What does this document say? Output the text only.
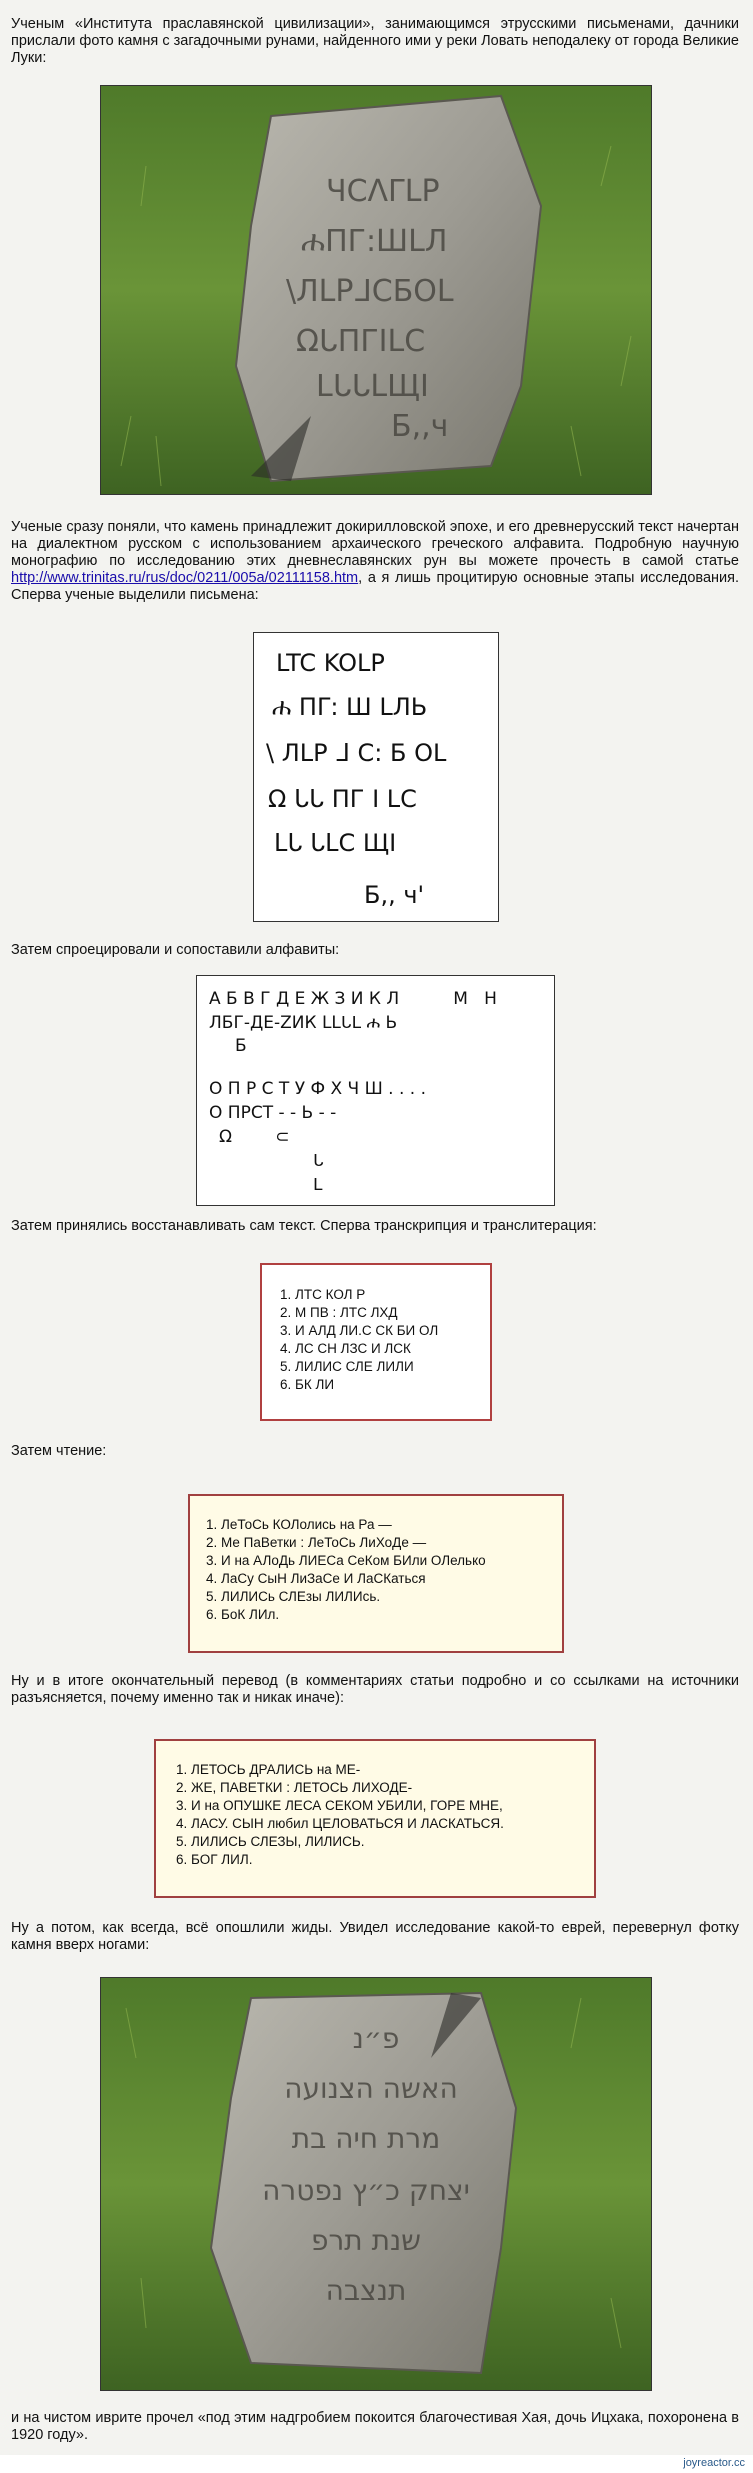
Ученым «Института праславянской цивилизации», занимающимся этрусскими письменами, дачники прислали фото камня с загадочными рунами, найденного ими у реки Ловать неподалеку от города Великие Луки:

ЧСΛΓLР
ሐПГ:ШLЛ
\ЛLРᒧСБОL
ΩᒐПГILC
ᒪᒐᒐLЩI
Б,,ч

Ученые сразу поняли, что камень принадлежит докирилловской эпохе, и его древнерусский текст начертан на диалектном русском с использованием архаического греческого алфавита. Подробную научную монографию по исследованию этих дневнеславянских рун вы можете прочесть в самой статье http://www.trinitas.ru/rus/doc/0211/005a/02111158.htm, а я лишь процитирую основные этапы исследования. Сперва ученые выделили письмена:

LTC KOLP
ሐ ΠΓ: Ш LЛЬ
\ ЛLP ᒧ C: Б ОL
Ω ᒐᒐ ПГ I LC
ᒪᒐ ᒐᒪC ЩI
Б,, ч'

Затем спроецировали и сопоставили алфавиты:

А Б В Г Д Е Ж З И К Л          М   Н
ЛБГ-ДЕ-ZИК LLᒐᒪ ሐ Ь
Б
О П Р С Т У Ф Х Ч Ш . . . .
О ПРСТ - - Ь - -
Ω        ⊂
ᒐ
ᒪ

Затем принялись восстанавливать сам текст. Сперва транскрипция и транслитерация:

1. ЛТС КОЛ Р
2. М ПВ : ЛТС ЛХД
3. И АЛД ЛИ.С СК БИ ОЛ
4. ЛС СН ЛЗС И ЛСК
5. ЛИЛИС СЛЕ ЛИЛИ
6. БК ЛИ

Затем чтение:

1. ЛеТоСь КОЛолись на Ра —
2. Ме ПаВетки : ЛеТоСь ЛиХоДе —
3. И на АЛоДь ЛИЕСа СеКом БИли ОЛелько
4. ЛаСу СыН ЛиЗаСе И ЛаСКаться
5. ЛИЛИСь СЛЕзы ЛИЛИсь.
6. БоК ЛИл.

Ну и в итоге окончательный перевод (в комментариях статьи подробно и со ссылками на источники разъясняется, почему именно так и никак иначе):

1. ЛЕТОСЬ ДРАЛИСЬ на МЕ-
2. ЖЕ, ПАВЕТКИ : ЛЕТОСЬ ЛИХОДЕ-
3. И на ОПУШКЕ ЛЕСА СЕКОМ УБИЛИ, ГОРЕ МНЕ,
4. ЛАСУ. СЫН любил ЦЕЛОВАТЬСЯ И ЛАСКАТЬСЯ.
5. ЛИЛИСЬ СЛЕЗЫ, ЛИЛИСЬ.
6. БОГ ЛИЛ.

Ну а потом, как всегда, всё опошлили жиды. Увидел исследование какой-то еврей, перевернул фотку камня вверх ногами:

פ״נ
האשה הצנועה
מרת חיה בת
יצחק כ״ץ נפטרה
שנת תרפ
תנצבה

и на чистом иврите прочел «под этим надгробием покоится благочестивая Хая, дочь Ицхака, похоронена в 1920 году».

joyreactor.cc
